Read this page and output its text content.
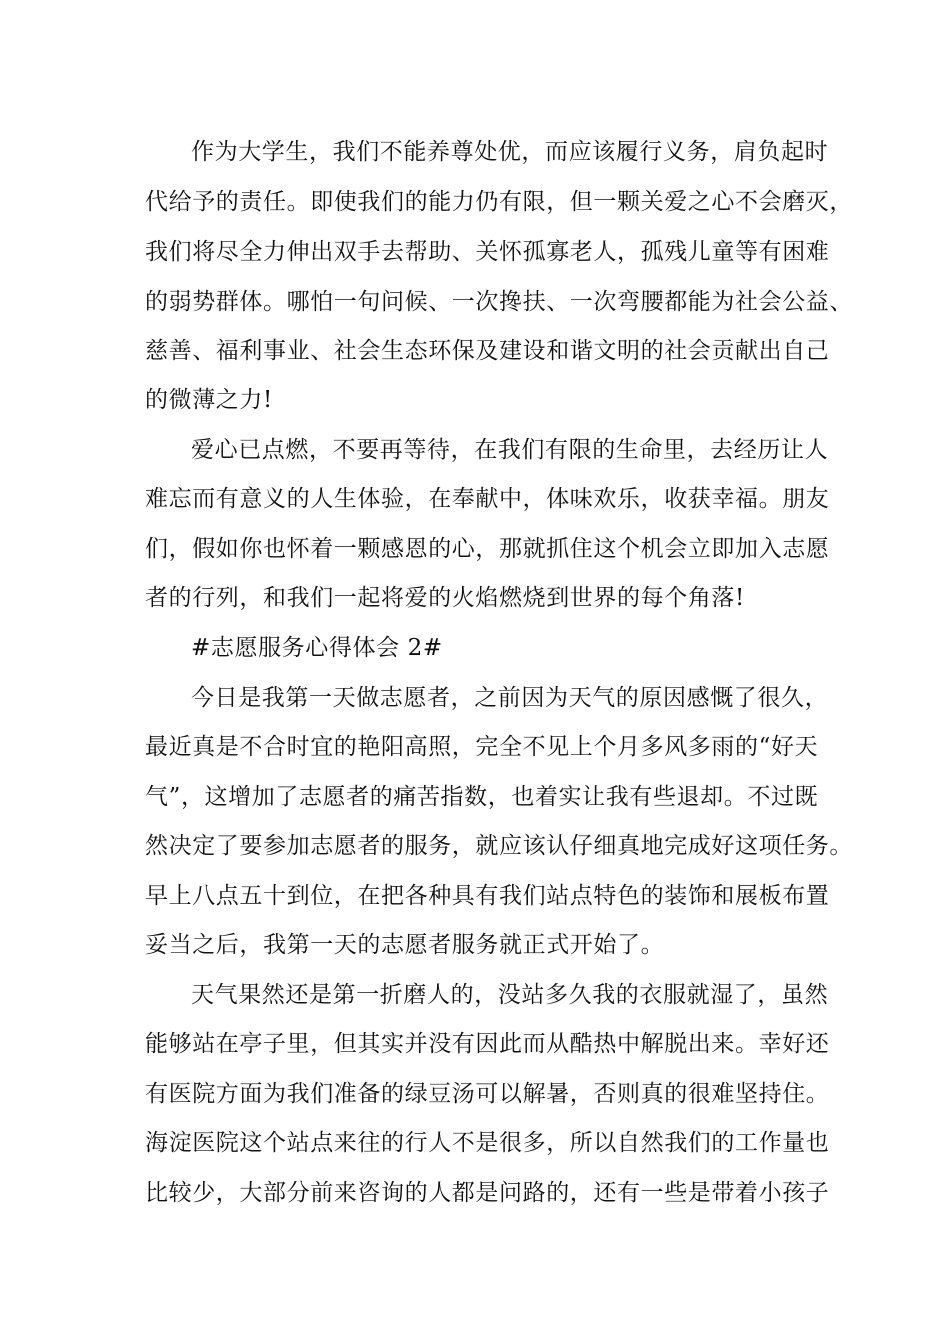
作为大学生，我们不能养尊处优，而应该履行义务，肩负起时

代给予的责任。即使我们的能力仍有限，但一颗关爱之心不会磨灭，

我们将尽全力伸出双手去帮助、关怀孤寡老人，孤残儿童等有困难

的弱势群体。哪怕一句问候、一次搀扶、一次弯腰都能为社会公益、

慈善、福利事业、社会生态环保及建设和谐文明的社会贡献出自己

的微薄之力!

爱心已点燃，不要再等待，在我们有限的生命里，去经历让人

难忘而有意义的人生体验，在奉献中，体味欢乐，收获幸福。朋友

们，假如你也怀着一颗感恩的心，那就抓住这个机会立即加入志愿

者的行列，和我们一起将爱的火焰燃烧到世界的每个角落!

#志愿服务心得体会 2#

今日是我第一天做志愿者，之前因为天气的原因感慨了很久，

最近真是不合时宜的艳阳高照，完全不见上个月多风多雨的“好天

气”，这增加了志愿者的痛苦指数，也着实让我有些退却。不过既

然决定了要参加志愿者的服务，就应该认仔细真地完成好这项任务。

早上八点五十到位，在把各种具有我们站点特色的装饰和展板布置

妥当之后，我第一天的志愿者服务就正式开始了。

天气果然还是第一折磨人的，没站多久我的衣服就湿了，虽然

能够站在亭子里，但其实并没有因此而从酷热中解脱出来。幸好还

有医院方面为我们准备的绿豆汤可以解暑，否则真的很难坚持住。

海淀医院这个站点来往的行人不是很多，所以自然我们的工作量也

比较少，大部分前来咨询的人都是问路的，还有一些是带着小孩子
